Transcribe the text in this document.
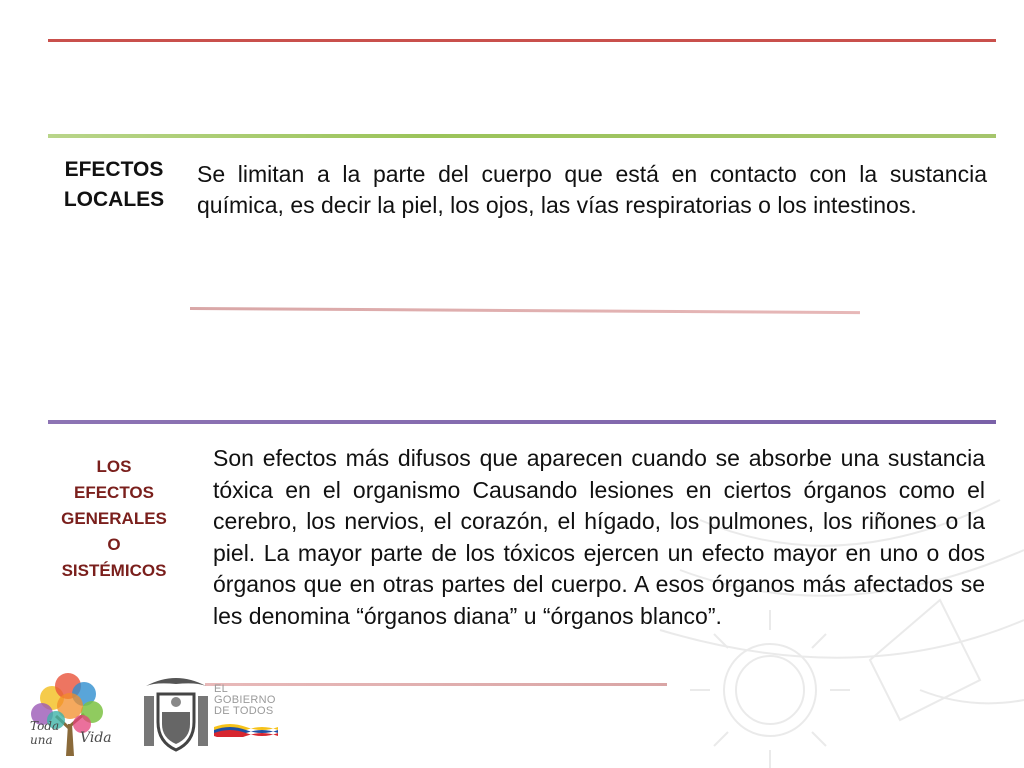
EFECTOS LOCALES
Se limitan a la parte del cuerpo que está en contacto con la sustancia química, es decir la piel, los ojos, las vías respiratorias o los intestinos.
LOS
EFECTOS
GENERALES
O
SISTÉMICOS
Son efectos más difusos que aparecen cuando se absorbe una sustancia tóxica en el organismo Causando lesiones en ciertos órganos como el cerebro, los nervios, el corazón, el hígado, los pulmones, los riñones o la piel. La mayor parte de los tóxicos ejercen un efecto mayor en uno o dos órganos que en otras partes del cuerpo. A esos órganos más afectados se les denomina “órganos diana” u “órganos blanco”.
Toda
una Vida
EL
GOBIERNO
DE TODOS
